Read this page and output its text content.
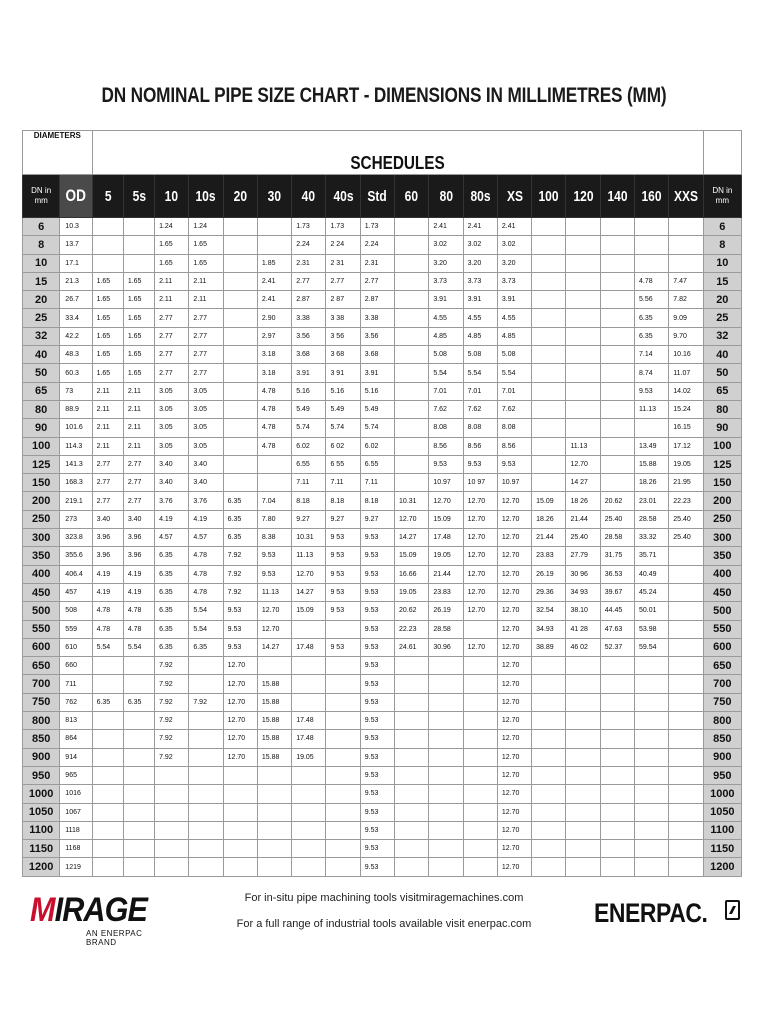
DN NOMINAL PIPE SIZE CHART - DIMENSIONS IN MILLIMETRES (MM)
DIAMETERS		SCHEDULES																		
DN in
mm	OD	5	5s	10	10s	20	30	40	40s	Std	60	80	80s	XS	100	120	140	160	XXS	DN in
mm
6	10.3			1.24	1.24			1.73	1.73	1.73		2.41	2.41	2.41						6
8	13.7			1.65	1.65			2.24	2 24	2.24		3.02	3.02	3.02						8
10	17.1			1.65	1.65		1.85	2.31	2 31	2.31		3.20	3.20	3.20						10
15	21.3	1.65	1.65	2.11	2.11		2.41	2.77	2.77	2.77		3.73	3.73	3.73				4.78	7.47	15
20	26.7	1.65	1.65	2.11	2.11		2.41	2.87	2 87	2.87		3.91	3.91	3.91				5.56	7.82	20
25	33.4	1.65	1.65	2.77	2.77		2.90	3.38	3 38	3.38		4.55	4.55	4.55				6.35	9.09	25
32	42.2	1.65	1.65	2.77	2.77		2.97	3.56	3 56	3.56		4.85	4.85	4.85				6.35	9.70	32
40	48.3	1.65	1.65	2.77	2.77		3.18	3.68	3 68	3.68		5.08	5.08	5.08				7.14	10.16	40
50	60.3	1.65	1.65	2.77	2.77		3.18	3.91	3 91	3.91		5.54	5.54	5.54				8.74	11.07	50
65	73	2.11	2.11	3.05	3.05		4.78	5.16	5.16	5.16		7.01	7.01	7.01				9.53	14.02	65
80	88.9	2.11	2.11	3.05	3.05		4.78	5.49	5.49	5.49		7.62	7.62	7.62				11.13	15.24	80
90	101.6	2.11	2.11	3.05	3.05		4.78	5.74	5.74	5.74		8.08	8.08	8.08					16.15	90
100	114.3	2.11	2.11	3.05	3.05		4.78	6.02	6 02	6.02		8.56	8.56	8.56		11.13		13.49	17.12	100
125	141.3	2.77	2.77	3.40	3.40			6.55	6 55	6.55		9.53	9.53	9.53		12.70		15.88	19.05	125
150	168.3	2.77	2.77	3.40	3.40			7.11	7.11	7.11		10.97	10 97	10.97		14 27		18.26	21.95	150
200	219.1	2.77	2.77	3.76	3.76	6.35	7.04	8.18	8.18	8.18	10.31	12.70	12.70	12.70	15.09	18 26	20.62	23.01	22.23	200
250	273	3.40	3.40	4.19	4.19	6.35	7.80	9.27	9.27	9.27	12.70	15.09	12.70	12.70	18.26	21.44	25.40	28.58	25.40	250
300	323.8	3.96	3.96	4.57	4.57	6.35	8.38	10.31	9 53	9.53	14.27	17.48	12.70	12.70	21.44	25.40	28.58	33.32	25.40	300
350	355.6	3.96	3.96	6.35	4.78	7.92	9.53	11.13	9 53	9.53	15.09	19.05	12.70	12.70	23.83	27.79	31.75	35.71		350
400	406.4	4.19	4.19	6.35	4.78	7.92	9.53	12.70	9 53	9.53	16.66	21.44	12.70	12.70	26.19	30 96	36.53	40.49		400
450	457	4.19	4.19	6.35	4.78	7.92	11.13	14.27	9 53	9.53	19.05	23.83	12.70	12.70	29.36	34 93	39.67	45.24		450
500	508	4.78	4.78	6.35	5.54	9.53	12.70	15.09	9 53	9.53	20.62	26.19	12.70	12.70	32.54	38.10	44.45	50.01		500
550	559	4.78	4.78	6.35	5.54	9.53	12.70			9.53	22.23	28.58		12.70	34.93	41 28	47.63	53.98		550
600	610	5.54	5.54	6.35	6.35	9.53	14.27	17.48	9 53	9.53	24.61	30.96	12.70	12.70	38.89	46 02	52.37	59.54		600
650	660			7.92		12.70				9.53				12.70						650
700	711			7.92		12.70	15.88			9.53				12.70						700
750	762	6.35	6.35	7.92	7.92	12.70	15.88			9.53				12.70						750
800	813			7.92		12.70	15.88	17.48		9.53				12.70						800
850	864			7.92		12.70	15.88	17.48		9.53				12.70						850
900	914			7.92		12.70	15.88	19.05		9.53				12.70						900
950	965									9.53				12.70						950
1000	1016									9.53				12.70						1000
1050	1067									9.53				12.70						1050
1100	1118									9.53				12.70						1100
1150	1168									9.53				12.70						1150
1200	1219									9.53				12.70						1200
MIRAGE
AN ENERPAC BRAND
For in-situ pipe machining tools visitmiragemachines.com
For a full range of industrial tools available visit enerpac.com	ENERPAC.
